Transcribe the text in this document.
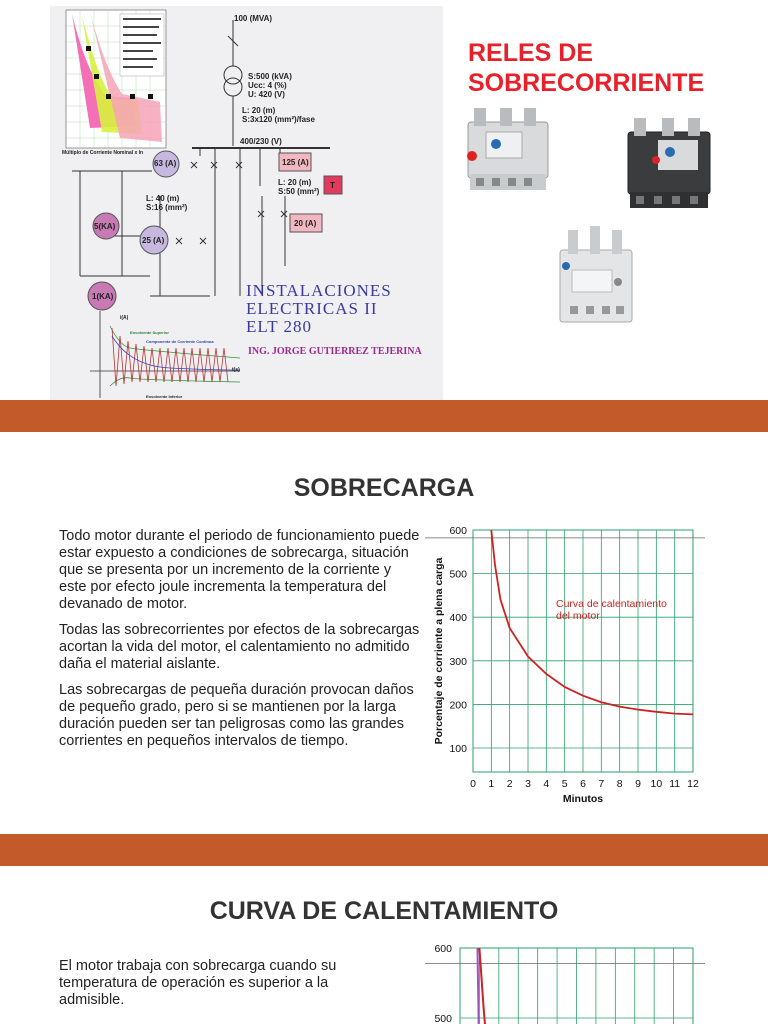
100 (MVA)
S:500 (kVA)
Ucc: 4 (%)
U: 420 (V)
L: 20 (m)
S:3x120 (mm²)/fase
400/230 (V)
63 (A)	125 (A)
L: 20 (m)
S:50 (mm²)
T
L: 40 (m)
S:16 (mm²)
20 (A)
5(KA)
25 (A)
1(KA)
Múltiplo de Corriente Nominal x In
i(A)
Envolvente Superior
Componente de Corriente Continua
Envolvente Inferior
t(s)
INSTALACIONES
ELECTRICAS II
ELT 280
ING. JORGE GUTIERREZ TEJERINA
RELES DE
SOBRECORRIENTE
SOBRECARGA

Todo motor durante el periodo de funcionamiento puede estar expuesto a condiciones de sobrecarga, situación que se presenta por un incremento de la corriente y este por efecto joule incrementa la temperatura del devanado de motor.

Todas las sobrecorrientes por efectos de la sobrecargas acortan la vida del motor, el calentamiento no admitido daña el material aislante.

Las sobrecargas de pequeña duración provocan daños de pequeño grado, pero si se mantienen por la larga duración pueden ser tan peligrosas como las grandes corrientes en pequeños intervalos de tiempo.

0 1 2 3 4 5 6 7 8 9 10 11 12
100
200
300
400
500
600
Minutos
Porcentaje de corriente a plena carga	Curva de calentamiento
del motor
CURVA DE CALENTAMIENTO

El motor trabaja con sobrecarga cuando su temperatura de operación es superior a la admisible.

500
600
